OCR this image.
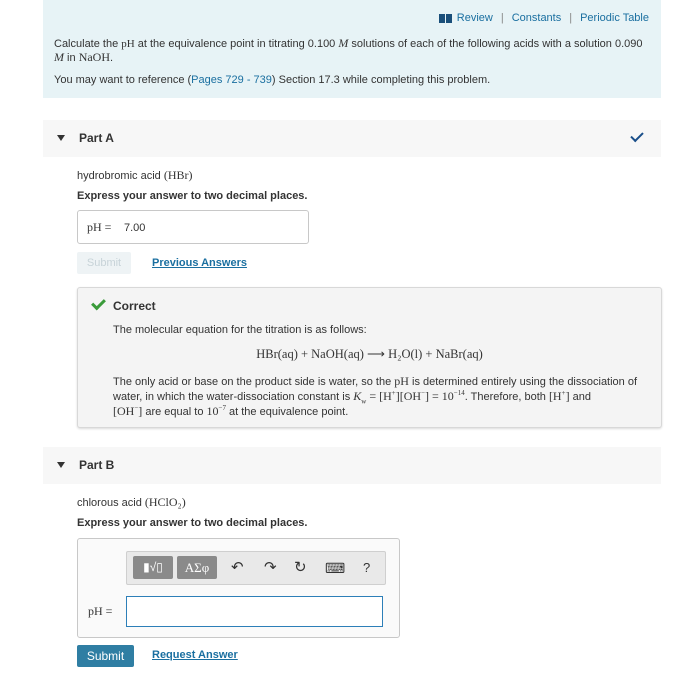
Review | Constants | Periodic Table
Calculate the pH at the equivalence point in titrating 0.100 M solutions of each of the following acids with a solution 0.090
M in NaOH.
You may want to reference (Pages 729 - 739) Section 17.3 while completing this problem.
Part A
hydrobromic acid (HBr)
Express your answer to two decimal places.
pH = 7.00
Submit	Previous Answers
Correct
The molecular equation for the titration is as follows:
HBr(aq) + NaOH(aq) ⟶ H₂O(l) + NaBr(aq)
The only acid or base on the product side is water, so the pH is determined entirely using the dissociation of
water, in which the water-dissociation constant is $K_w = [H^+][OH^-] = 10^{-14}$. Therefore, both [H+] and
[OH−] are equal to $10^{-7}$ at the equivalence point.
Part B
chlorous acid (HClO₂)
Express your answer to two decimal places.
▮√▯	ΑΣφ	↶ ↷ ↻ ⌨ ?
pH =
Submit	Request Answer
